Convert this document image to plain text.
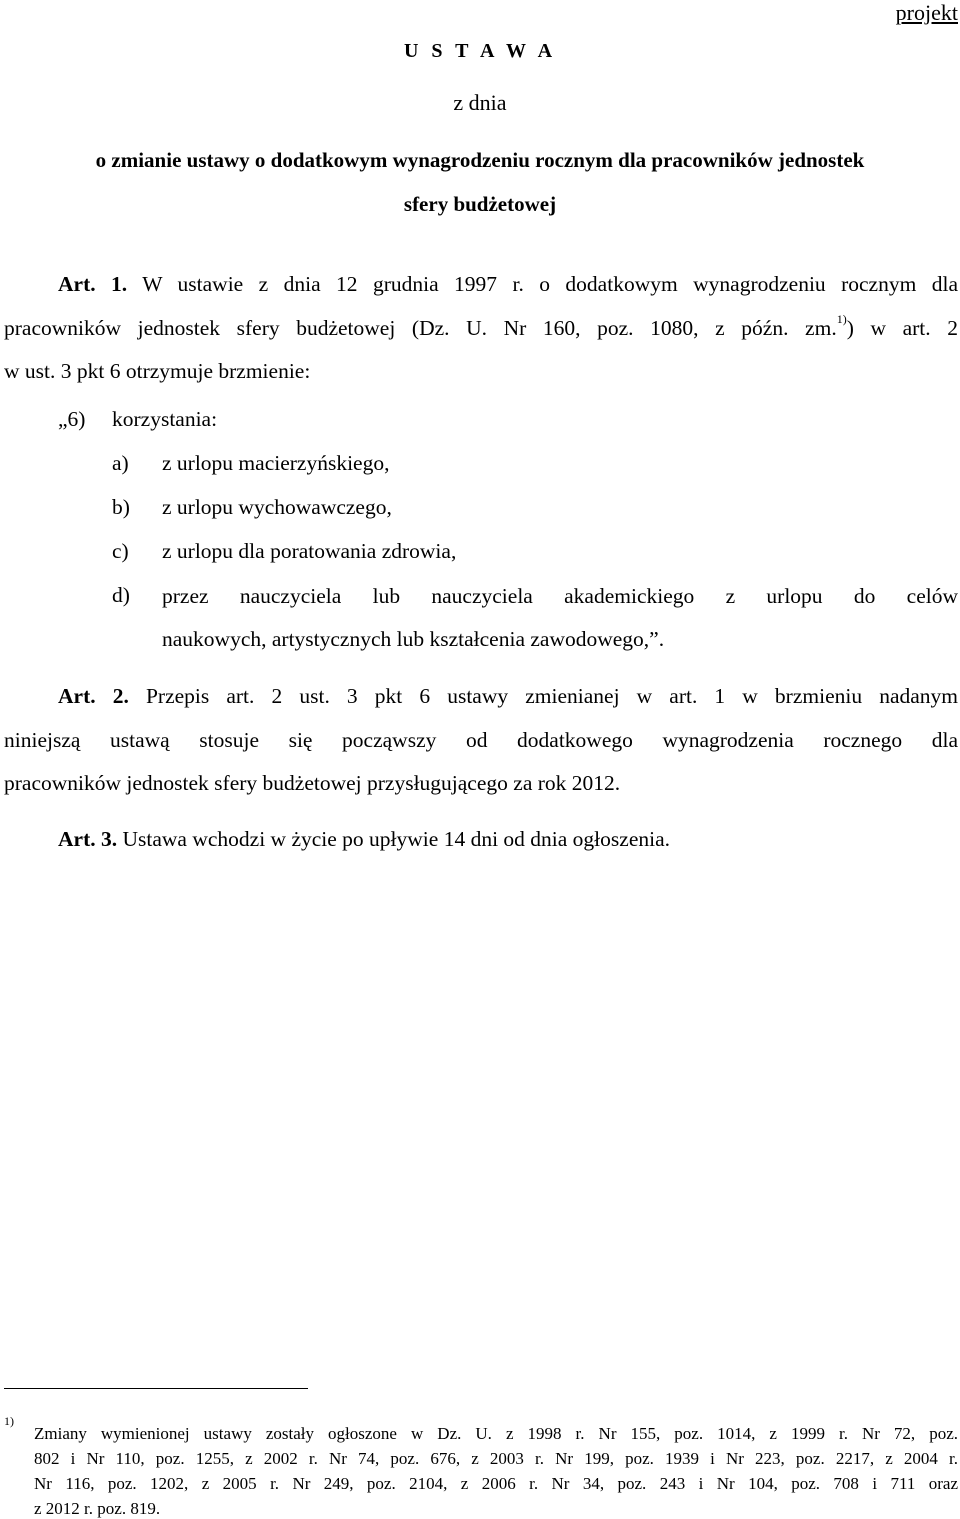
projekt
U S T A W A
z dnia
o zmianie ustawy o dodatkowym wynagrodzeniu rocznym dla pracowników jednostek
sfery budżetowej
Art. 1. W ustawie z dnia 12 grudnia 1997 r. o dodatkowym wynagrodzeniu rocznym dla
pracowników jednostek sfery budżetowej (Dz. U. Nr 160, poz. 1080, z późn. zm.$^{1)}$) w art. 2
w ust. 3 pkt 6 otrzymuje brzmienie:
„6) korzystania:
a) z urlopu macierzyńskiego,
b) z urlopu wychowawczego,
c) z urlopu dla poratowania zdrowia,
d) przez nauczyciela lub nauczyciela akademickiego z urlopu do celów
naukowych, artystycznych lub kształcenia zawodowego,”.
Art. 2. Przepis art. 2 ust. 3 pkt 6 ustawy zmienianej w art. 1 w brzmieniu nadanym
niniejszą ustawą stosuje się począwszy od dodatkowego wynagrodzenia rocznego dla
pracowników jednostek sfery budżetowej przysługującego za rok 2012.
Art. 3. Ustawa wchodzi w życie po upływie 14 dni od dnia ogłoszenia.
1)
Zmiany wymienionej ustawy zostały ogłoszone w Dz. U. z 1998 r. Nr 155, poz. 1014, z 1999 r. Nr 72, poz.
802 i Nr 110, poz. 1255, z 2002 r. Nr 74, poz. 676, z 2003 r. Nr 199, poz. 1939 i Nr 223, poz. 2217, z 2004 r.
Nr 116, poz. 1202, z 2005 r. Nr 249, poz. 2104, z 2006 r. Nr 34, poz. 243 i Nr 104, poz. 708 i 711 oraz
z 2012 r. poz. 819.
